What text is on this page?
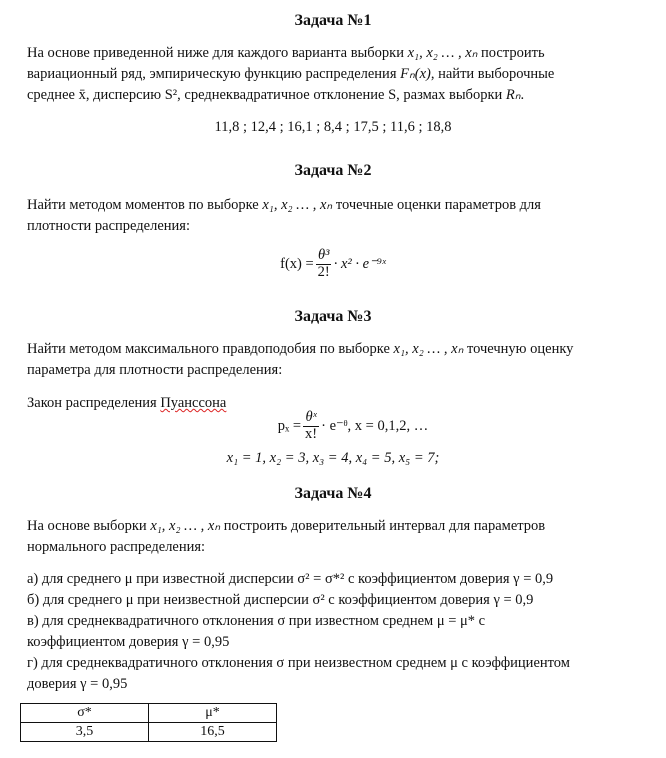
Задача №1
На основе приведенной ниже для каждого варианта выборки x₁, x₂ … , xₙ построить
вариационный ряд, эмпирическую функцию распределения Fₙ(x), найти выборочные
среднее x̄, дисперсию S², среднеквадратичное отклонение S, размах выборки Rₙ.
11,8 ; 12,4 ; 16,1 ; 8,4 ; 17,5 ; 11,6 ; 18,8
Задача №2
Найти методом моментов по выборке x₁, x₂ … , xₙ точечные оценки параметров для
плотности распределения:
$f(x) = \frac{\text{θ³}}{2!} \cdot x^2$ · e⁻⁹ˣ
Задача №3
Найти методом максимального правдоподобия по выборке x₁, x₂ … , xₙ точечную оценку
параметра для плотности распределения:
Закон распределения Пуанссона
$p_x = \frac{\text{θˣ}}{x!}$ · e⁻ᶿ, x = 0,1,2, …
x₁ = 1, x₂ = 3, x₃ = 4, x₄ = 5, x₅ = 7;
Задача №4
На основе выборки x₁, x₂ … , xₙ построить доверительный интервал для параметров
нормального распределения:
а) для среднего μ при известной дисперсии σ² = σ*² с коэффициентом доверия γ = 0,9
б) для среднего μ при неизвестной дисперсии σ² с коэффициентом доверия γ = 0,9
в) для среднеквадратичного отклонения σ при известном среднем μ = μ* с
коэффициентом доверия γ = 0,95
г) для среднеквадратичного отклонения σ при неизвестном среднем μ с коэффициентом
доверия γ = 0,95
σ*	μ*
3,5	16,5
